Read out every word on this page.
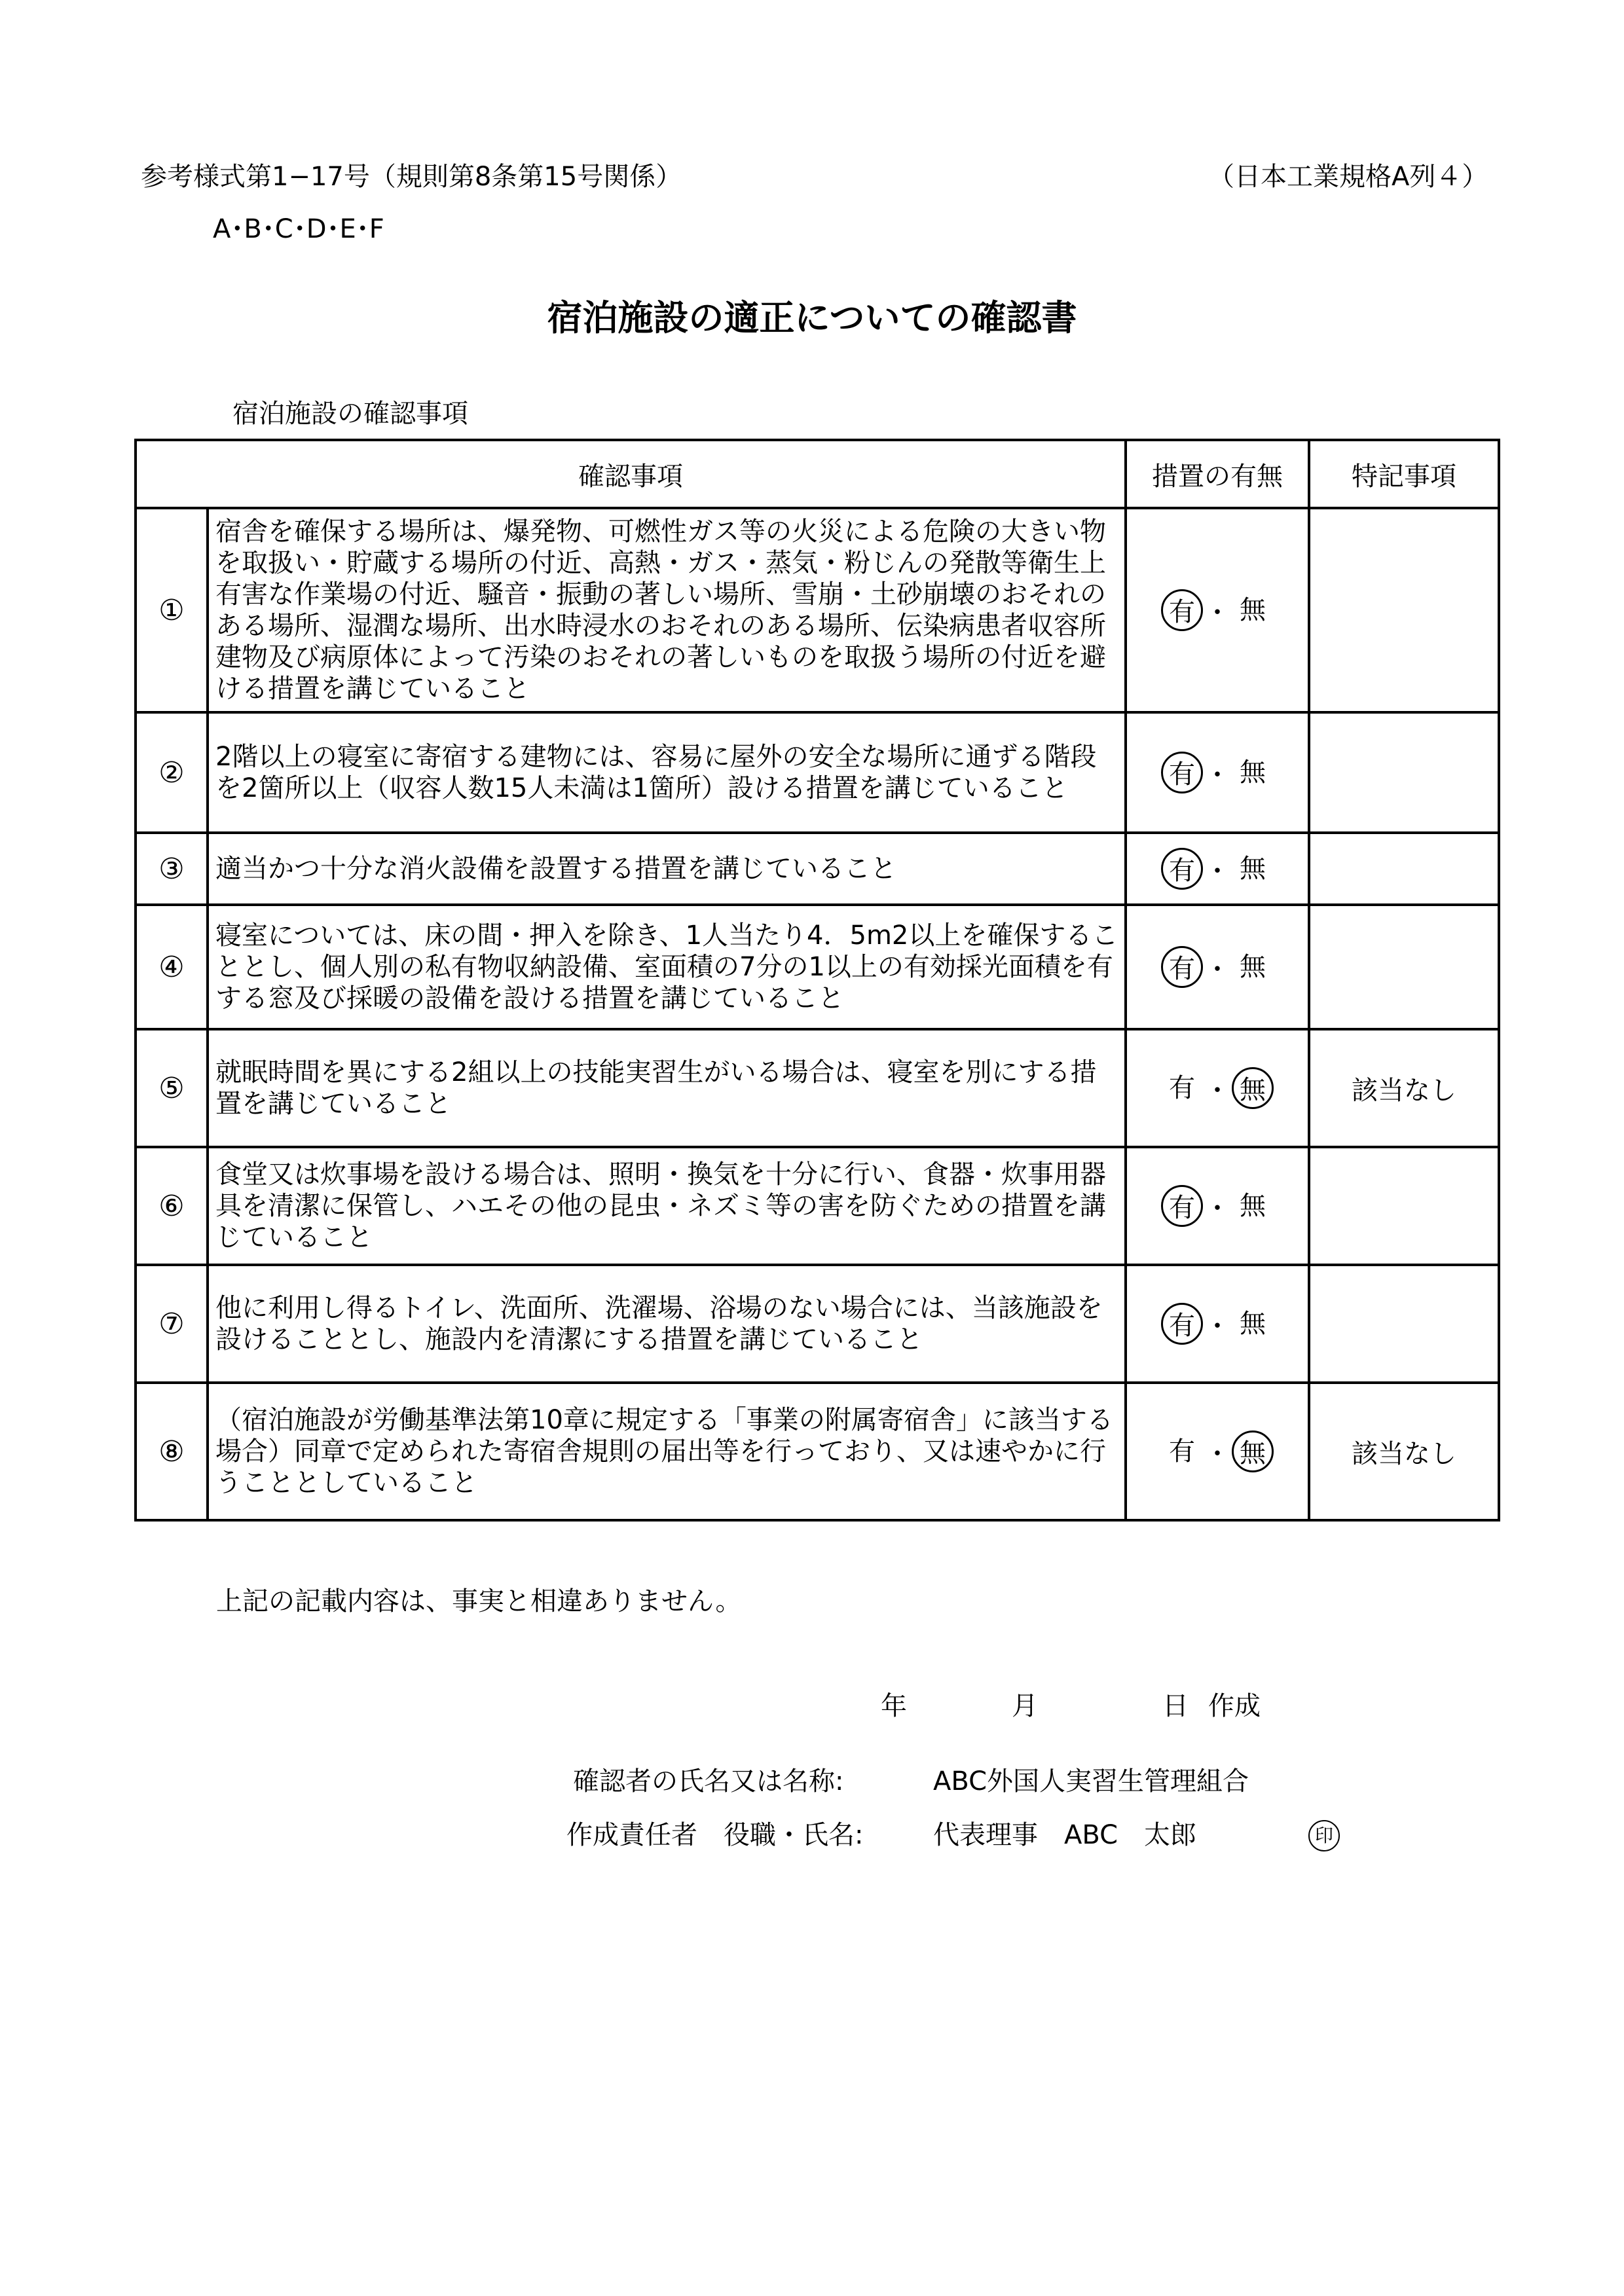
参考様式第1−17号（規則第8条第15号関係）	（日本工業規格A列４）
A･B･C･D･E･F
宿泊施設の適正についての確認書
宿泊施設の確認事項
確認事項		措置の有無	特記事項
①	宿舎を確保する場所は、爆発物、可燃性ガス等の火災による危険の大きい物を取扱い・貯蔵する場所の付近、高熱・ガス・蒸気・粉じんの発散等衛生上有害な作業場の付近、騒音・振動の著しい場所、雪崩・土砂崩壊のおそれのある場所、湿潤な場所、出水時浸水のおそれのある場所、伝染病患者収容所建物及び病原体によって汚染のおそれの著しいものを取扱う場所の付近を避ける措置を講じていること	有 ・ 無	
②	2階以上の寝室に寄宿する建物には、容易に屋外の安全な場所に通ずる階段を2箇所以上（収容人数15人未満は1箇所）設ける措置を講じていること	有 ・ 無	
③	適当かつ十分な消火設備を設置する措置を講じていること	有 ・ 無	
④	寝室については、床の間・押入を除き、1人当たり4．5m2以上を確保することとし、個人別の私有物収納設備、室面積の7分の1以上の有効採光面積を有する窓及び採暖の設備を設ける措置を講じていること	有 ・ 無	
⑤	就眠時間を異にする2組以上の技能実習生がいる場合は、寝室を別にする措置を講じていること	有 ・ 無	該当なし
⑥	食堂又は炊事場を設ける場合は、照明・換気を十分に行い、食器・炊事用器具を清潔に保管し、ハエその他の昆虫・ネズミ等の害を防ぐための措置を講じていること	有 ・ 無	
⑦	他に利用し得るトイレ、洗面所、洗濯場、浴場のない場合には、当該施設を設けることとし、施設内を清潔にする措置を講じていること	有 ・ 無	
⑧	（宿泊施設が労働基準法第10章に規定する「事業の附属寄宿舎」に該当する場合）同章で定められた寄宿舎規則の届出等を行っており、又は速やかに行うこととしていること	有 ・ 無	該当なし
上記の記載内容は、事実と相違ありません。
年	月	日 作成
確認者の氏名又は名称:	ABC外国人実習生管理組合
作成責任者　役職・氏名:	代表理事　ABC　太郎	印
